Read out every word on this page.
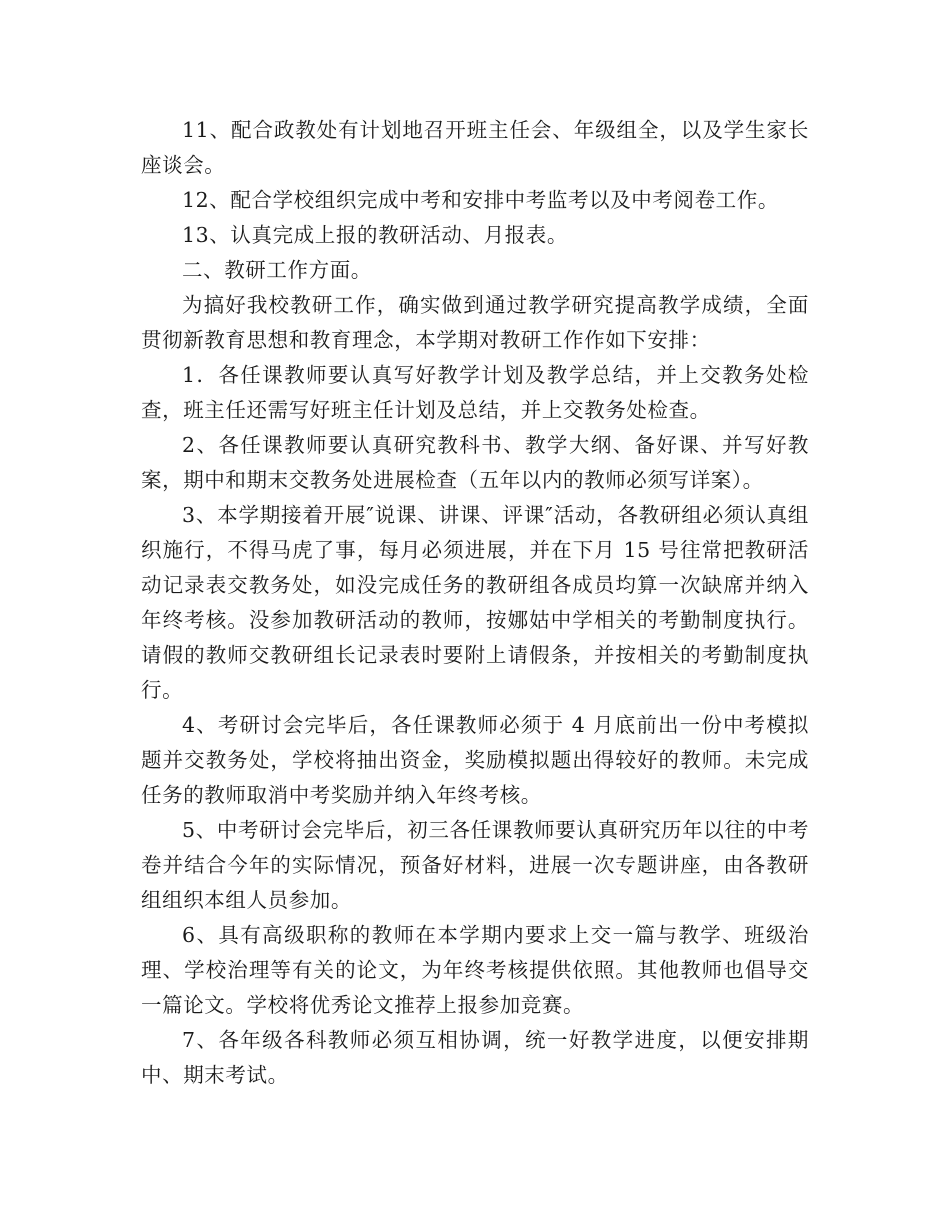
11、配合政教处有计划地召开班主任会、年级组全，以及学生家长座谈会。

12、配合学校组织完成中考和安排中考监考以及中考阅卷工作。

13、认真完成上报的教研活动、月报表。

二、教研工作方面。

为搞好我校教研工作，确实做到通过教学研究提高教学成绩，全面贯彻新教育思想和教育理念，本学期对教研工作作如下安排：

1．各任课教师要认真写好教学计划及教学总结，并上交教务处检查，班主任还需写好班主任计划及总结，并上交教务处检查。

2、各任课教师要认真研究教科书、教学大纲、备好课、并写好教案，期中和期末交教务处进展检查（五年以内的教师必须写详案）。

3、本学期接着开展″说课、讲课、评课″活动，各教研组必须认真组织施行，不得马虎了事，每月必须进展，并在下月 15 号往常把教研活动记录表交教务处，如没完成任务的教研组各成员均算一次缺席并纳入年终考核。没参加教研活动的教师，按娜姑中学相关的考勤制度执行。请假的教师交教研组长记录表时要附上请假条，并按相关的考勤制度执行。

4、考研讨会完毕后，各任课教师必须于 4 月底前出一份中考模拟题并交教务处，学校将抽出资金，奖励模拟题出得较好的教师。未完成任务的教师取消中考奖励并纳入年终考核。

5、中考研讨会完毕后，初三各任课教师要认真研究历年以往的中考卷并结合今年的实际情况，预备好材料，进展一次专题讲座，由各教研组组织本组人员参加。

6、具有高级职称的教师在本学期内要求上交一篇与教学、班级治理、学校治理等有关的论文，为年终考核提供依照。其他教师也倡导交一篇论文。学校将优秀论文推荐上报参加竞赛。

7、各年级各科教师必须互相协调，统一好教学进度，以便安排期中、期末考试。
